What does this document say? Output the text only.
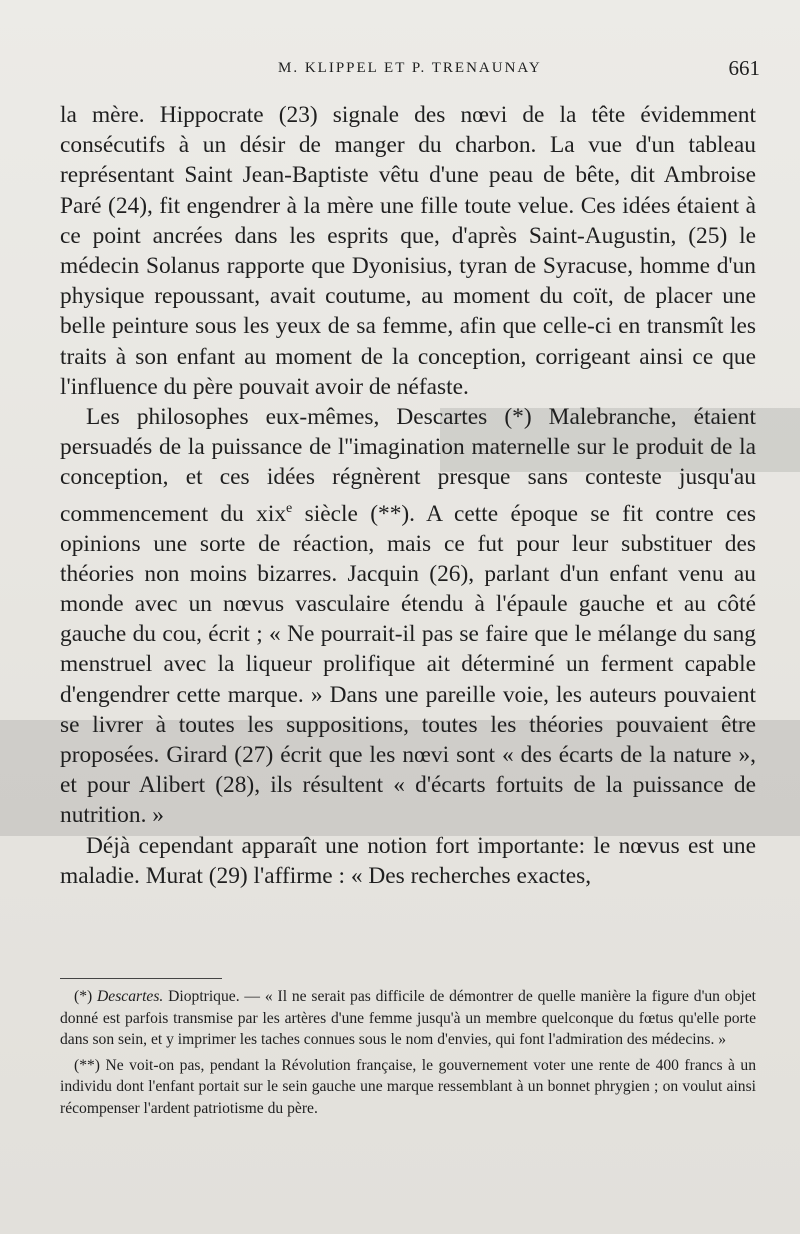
M. KLIPPEL ET P. TRENAUNAY	661

la mère. Hippocrate (23) signale des nœvi de la tête évidemment consécutifs à un désir de manger du charbon. La vue d'un tableau représentant Saint Jean-Baptiste vêtu d'une peau de bête, dit Ambroise Paré (24), fit engendrer à la mère une fille toute velue. Ces idées étaient à ce point ancrées dans les esprits que, d'après Saint-Augustin, (25) le médecin Solanus rapporte que Dyonisius, tyran de Syracuse, homme d'un physique repoussant, avait coutume, au moment du coït, de placer une belle peinture sous les yeux de sa femme, afin que celle-ci en transmît les traits à son enfant au moment de la conception, corrigeant ainsi ce que l'influence du père pouvait avoir de néfaste.

Les philosophes eux-mêmes, Descartes (*) Malebranche, étaient persuadés de la puissance de l''imagination maternelle sur le produit de la conception, et ces idées régnèrent presque sans conteste jusqu'au commencement du xix$^e$ siècle (**). A cette époque se fit contre ces opinions une sorte de réaction, mais ce fut pour leur substituer des théories non moins bizarres. Jacquin (26), parlant d'un enfant venu au monde avec un nœvus vasculaire étendu à l'épaule gauche et au côté gauche du cou, écrit ; « Ne pourrait-il pas se faire que le mélange du sang menstruel avec la liqueur prolifique ait déterminé un ferment capable d'engendrer cette marque. » Dans une pareille voie, les auteurs pouvaient se livrer à toutes les suppositions, toutes les théories pouvaient être proposées. Girard (27) écrit que les nœvi sont « des écarts de la nature », et pour Alibert (28), ils résultent « d'écarts fortuits de la puissance de nutrition. »

Déjà cependant apparaît une notion fort importante: le nœvus est une maladie. Murat (29) l'affirme : « Des recherches exactes,

(*) Descartes. Dioptrique. — « Il ne serait pas difficile de démontrer de quelle manière la figure d'un objet donné est parfois transmise par les artères d'une femme jusqu'à un membre quelconque du fœtus qu'elle porte dans son sein, et y imprimer les taches connues sous le nom d'envies, qui font l'admiration des médecins. »

(**) Ne voit-on pas, pendant la Révolution française, le gouvernement voter une rente de 400 francs à un individu dont l'enfant portait sur le sein gauche une marque ressemblant à un bonnet phrygien ; on voulut ainsi récompenser l'ardent patriotisme du père.
